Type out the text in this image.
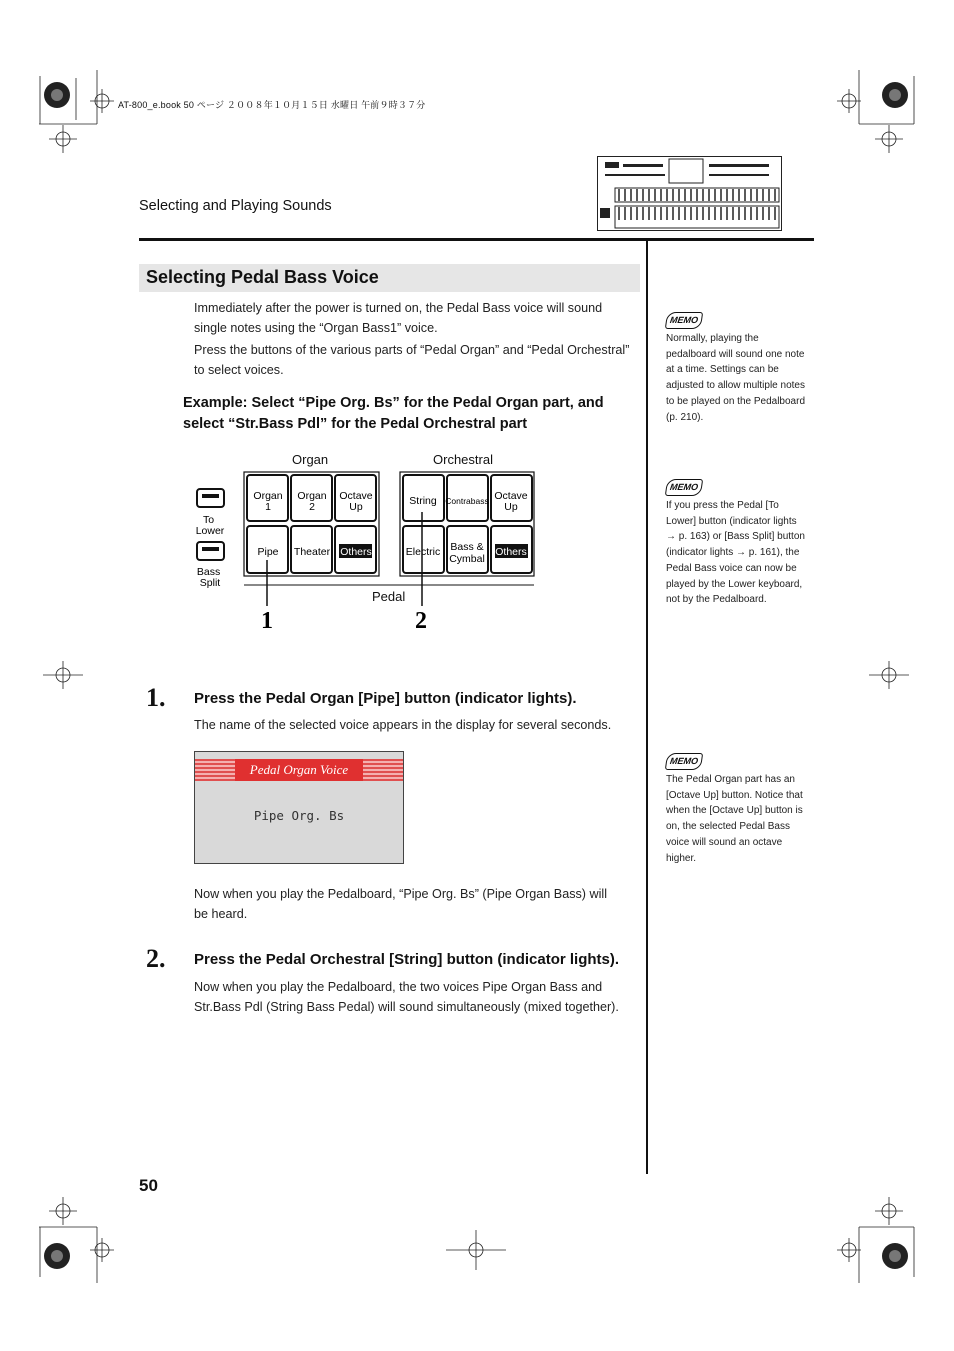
AT-800_e.book 50 ページ ２００８年１０月１５日 水曜日 午前９時３７分
Selecting and Playing Sounds
Selecting Pedal Bass Voice
Immediately after the power is turned on, the Pedal Bass voice will sound
single notes using the “Organ Bass1” voice.
Press the buttons of the various parts of “Pedal Organ” and “Pedal Orchestral”
to select voices.
Example: Select “Pipe Org. Bs” for the Pedal Organ part, and
select “Str.Bass Pdl” for the Pedal Orchestral part
Organ	Orchestral
Pedal
To Lower
Bass Split
Organ 1
Organ 2
Octave Up
Pipe Theater Others
String Contrabass Octave Up
Electric Bass & Cymbal
Others
1	2
1. Press the Pedal Organ [Pipe] button (indicator lights).
The name of the selected voice appears in the display for several seconds.
Pedal Organ Voice
Pipe Org. Bs
Now when you play the Pedalboard, “Pipe Org. Bs” (Pipe Organ Bass) will
be heard.
2. Press the Pedal Orchestral [String] button (indicator lights).
Now when you play the Pedalboard, the two voices Pipe Organ Bass and
Str.Bass Pdl (String Bass Pedal) will sound simultaneously (mixed together).
MEMO
Normally, playing the
pedalboard will sound one note
at a time. Settings can be
adjusted to allow multiple notes
to be played on the Pedalboard
(p. 210).
MEMO
If you press the Pedal [To
Lower] button (indicator lights
→ p. 163) or [Bass Split] button
(indicator lights → p. 161), the
Pedal Bass voice can now be
played by the Lower keyboard,
not by the Pedalboard.
MEMO
The Pedal Organ part has an
[Octave Up] button. Notice that
when the [Octave Up] button is
on, the selected Pedal Bass
voice will sound an octave
higher.
50
